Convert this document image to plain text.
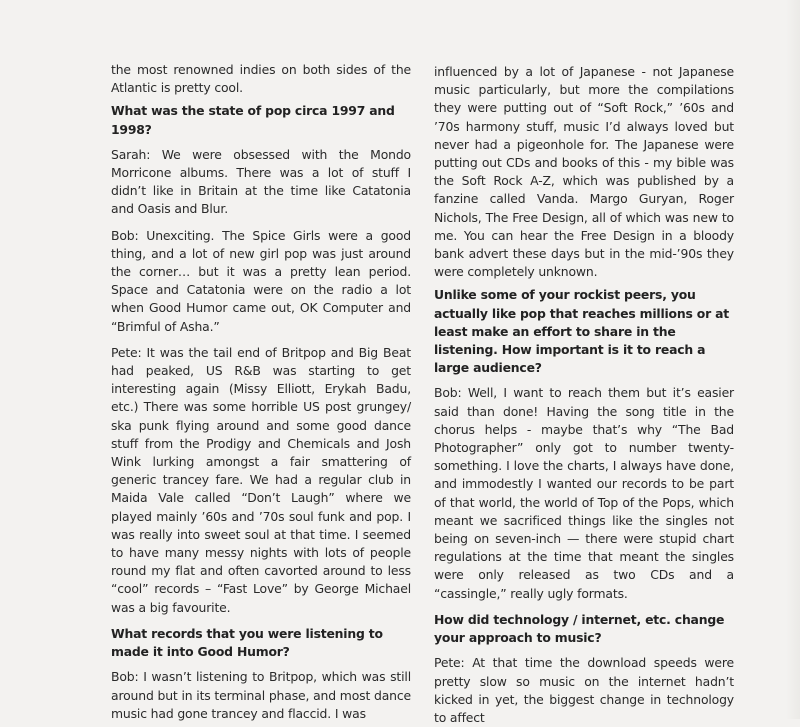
the most renowned indies on both sides of the Atlantic is pretty cool.

What was the state of pop circa 1997 and 1998?

Sarah: We were obsessed with the Mondo Morricone albums. There was a lot of stuff I didn’t like in Britain at the time like Catatonia and Oasis and Blur.

Bob: Unexciting. The Spice Girls were a good thing, and a lot of new girl pop was just around the corner… but it was a pretty lean period. Space and Catatonia were on the radio a lot when Good Humor came out, OK Computer and “Brimful of Asha.”

Pete: It was the tail end of Britpop and Big Beat had peaked, US R&B was starting to get interesting again (Missy Elliott, Erykah Badu, etc.) There was some horrible US post grungey/ ska punk flying around and some good dance stuff from the Prodigy and Chemicals and Josh Wink lurking amongst a fair smattering of generic trancey fare. We had a regular club in Maida Vale called “Don’t Laugh” where we played mainly ’60s and ’70s soul funk and pop. I was really into sweet soul at that time. I seemed to have many messy nights with lots of people round my flat and often cavorted around to less “cool” records – “Fast Love” by George Michael was a big favourite.

What records that you were listening to made it into Good Humor?

Bob: I wasn’t listening to Britpop, which was still around but in its terminal phase, and most dance music had gone trancey and flaccid. I was

influenced by a lot of Japanese - not Japanese music particularly, but more the compilations they were putting out of “Soft Rock,” ’60s and ’70s harmony stuff, music I’d always loved but never had a pigeonhole for. The Japanese were putting out CDs and books of this - my bible was the Soft Rock A-Z, which was published by a fanzine called Vanda. Margo Guryan, Roger Nichols, The Free Design, all of which was new to me. You can hear the Free Design in a bloody bank advert these days but in the mid-’90s they were completely unknown.

Unlike some of your rockist peers, you actually like pop that reaches millions or at least make an effort to share in the listening. How important is it to reach a large audience?

Bob: Well, I want to reach them but it’s easier said than done! Having the song title in the chorus helps - maybe that’s why “The Bad Photographer” only got to number twenty-something. I love the charts, I always have done, and immodestly I wanted our records to be part of that world, the world of Top of the Pops, which meant we sacrificed things like the singles not being on seven-inch — there were stupid chart regulations at the time that meant the singles were only released as two CDs and a “cassingle,” really ugly formats.

How did technology / internet, etc. change your approach to music?

Pete: At that time the download speeds were pretty slow so music on the internet hadn’t kicked in yet, the biggest change in technology to affect
